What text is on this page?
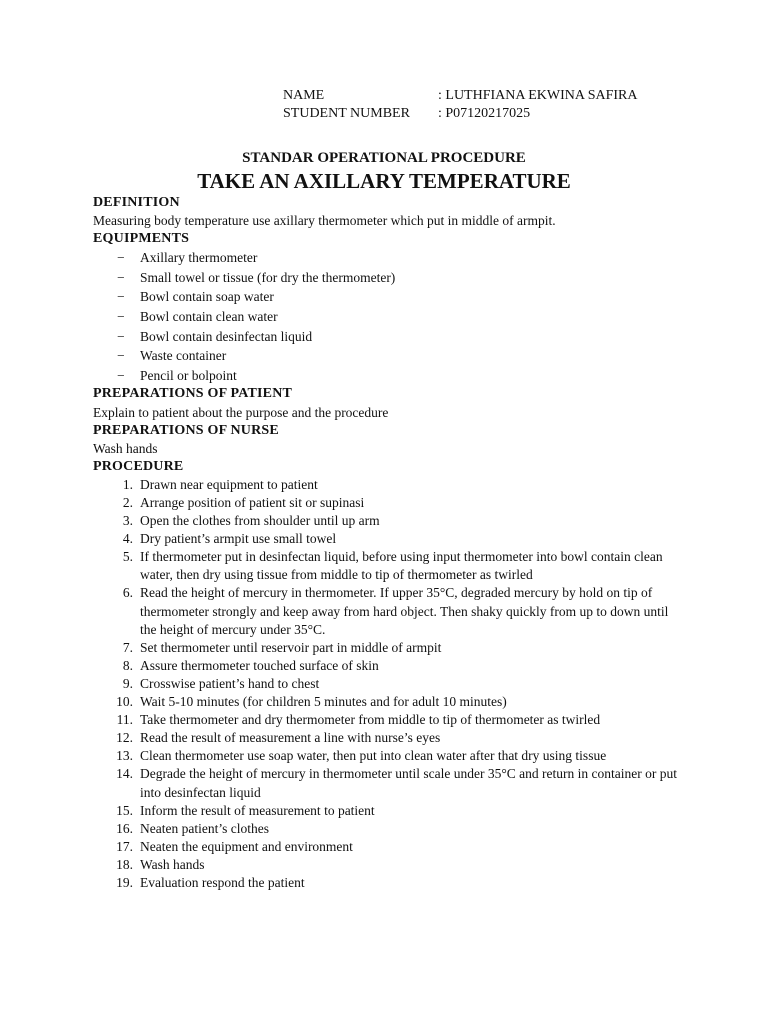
NAME	: LUTHFIANA EKWINA SAFIRA
STUDENT NUMBER	: P07120217025
STANDAR OPERATIONAL PROCEDURE
TAKE AN AXILLARY TEMPERATURE
DEFINITION
Measuring body temperature use axillary thermometer which put in middle of armpit.
EQUIPMENTS
−	Axillary thermometer
−	Small towel or tissue (for dry the thermometer)
−	Bowl contain soap water
−	Bowl contain clean water
−	Bowl contain desinfectan liquid
−	Waste container
−	Pencil or bolpoint
PREPARATIONS OF PATIENT
Explain to patient about the purpose and the procedure
PREPARATIONS OF NURSE
Wash hands
PROCEDURE
1. Drawn near equipment to patient
2. Arrange position of patient sit or supinasi
3. Open the clothes from shoulder until up arm
4. Dry patient’s armpit use small towel
5. If thermometer put in desinfectan liquid, before using input thermometer into bowl contain clean water, then dry using tissue from middle to tip of thermometer as twirled
6. Read the height of mercury in thermometer. If upper 35°C, degraded mercury by hold on tip of thermometer strongly and keep away from hard object. Then shaky quickly from up to down until the height of mercury under 35°C.
7. Set thermometer until reservoir part in middle of armpit
8. Assure thermometer touched surface of skin
9. Crosswise patient’s hand to chest
10. Wait 5-10 minutes (for children 5 minutes and for adult 10 minutes)
11. Take thermometer and dry thermometer from middle to tip of thermometer as twirled
12. Read the result of measurement a line with nurse’s eyes
13. Clean thermometer use soap water, then put into clean water after that dry using tissue
14. Degrade the height of mercury in thermometer until scale under 35°C and return in container or put into desinfectan liquid
15. Inform the result of measurement to patient
16. Neaten patient’s clothes
17. Neaten the equipment and environment
18. Wash hands
19. Evaluation respond the patient
